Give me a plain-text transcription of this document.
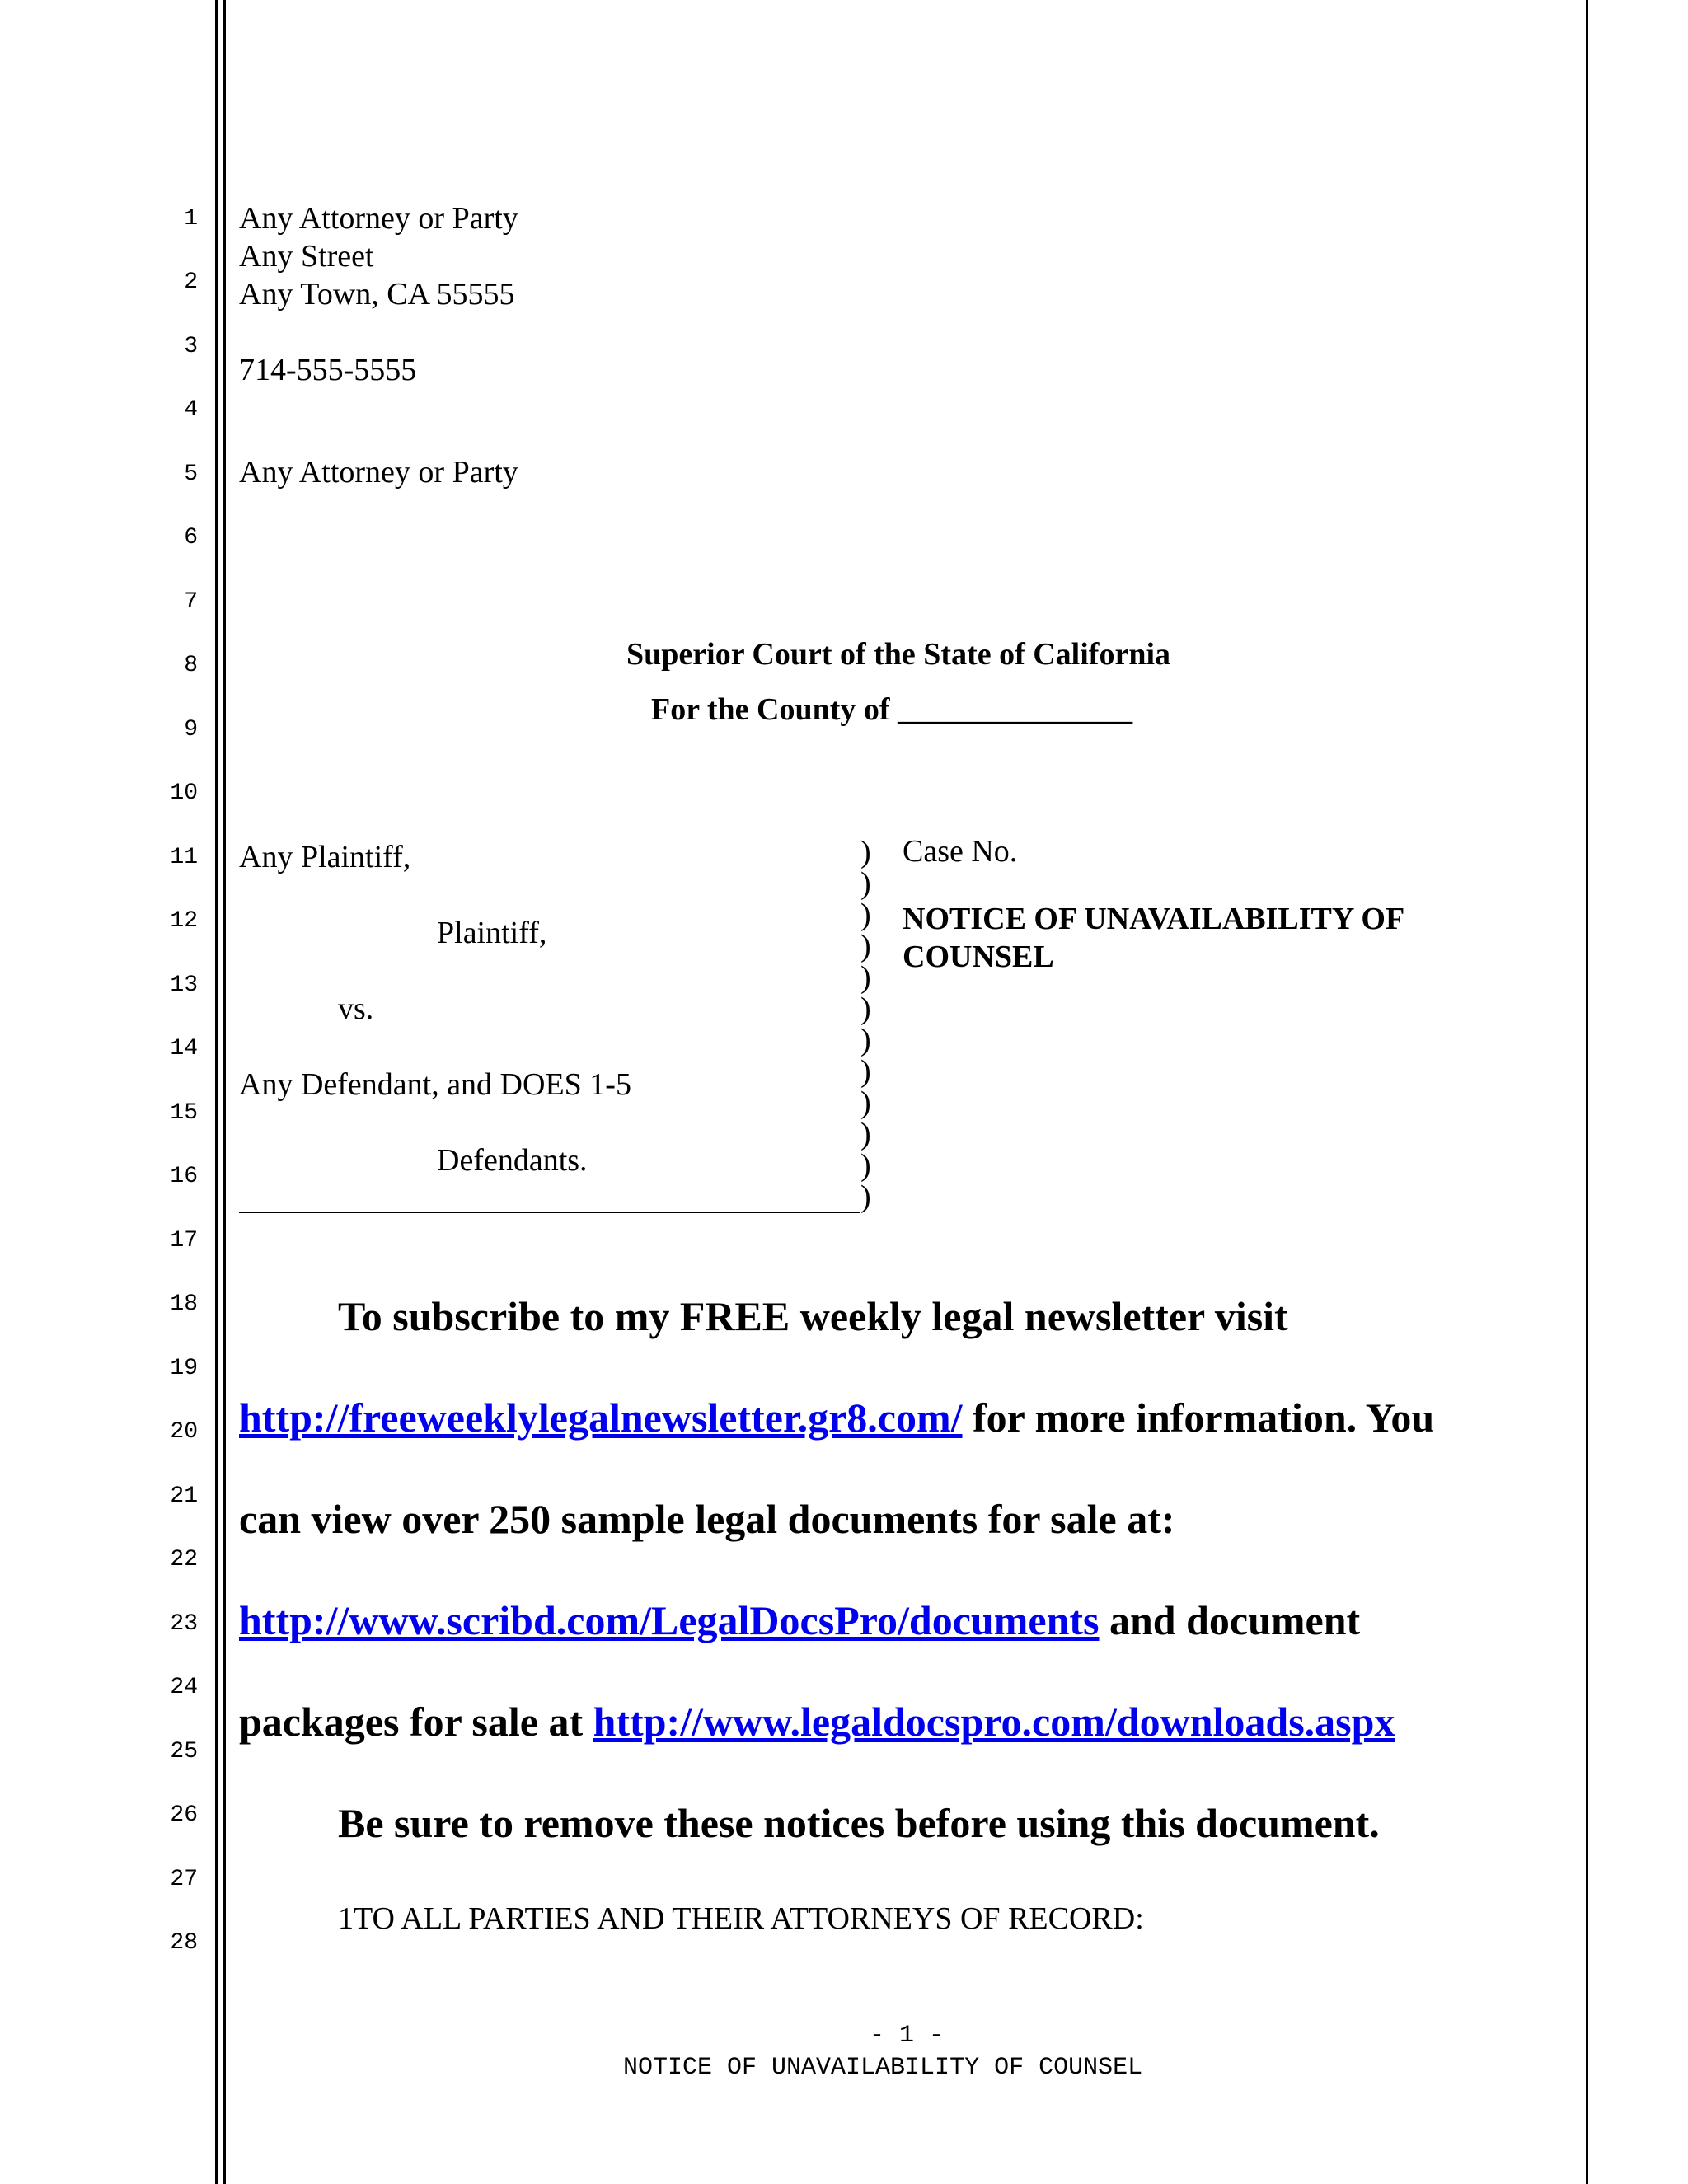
1
2
3
4
5
6
7
8
9
10
11
12
13
14
15
16
17
18
19
20
21
22
23
24
25
26
27
28

Any Attorney or Party

Any Street

Any Town, CA 55555

714-555-5555

Any Attorney or Party

Superior Court of the State of California

For the County of _______________

Any Plaintiff,

Plaintiff,

vs.

Any Defendant, and DOES 1-5

Defendants.

)
)
)
)
)
)
)
)
)
)
)
)

Case No.

NOTICE OF UNAVAILABILITY OF

COUNSEL

To subscribe to my FREE weekly legal newsletter visit

http://freeweeklylegalnewsletter.gr8.com/ for more information. You

can view over 250 sample legal documents for sale at:

http://www.scribd.com/LegalDocsPro/documents and document

packages for sale at http://www.legaldocspro.com/downloads.aspx

Be sure to remove these notices before using this document.

1TO ALL PARTIES AND THEIR ATTORNEYS OF RECORD:

- 1 -

NOTICE OF UNAVAILABILITY OF COUNSEL
